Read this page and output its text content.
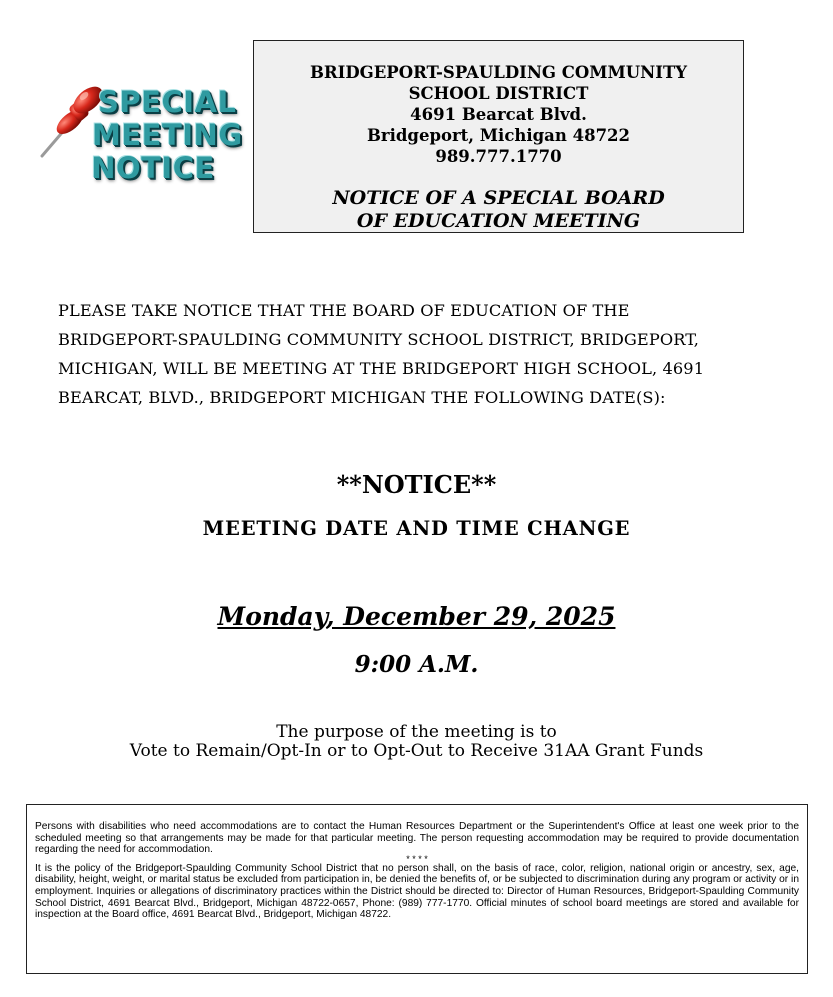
SPECIAL
MEETING
NOTICE
BRIDGEPORT-SPAULDING COMMUNITY
SCHOOL DISTRICT
4691 Bearcat Blvd.
Bridgeport, Michigan 48722
989.777.1770
NOTICE OF A SPECIAL BOARD
OF EDUCATION MEETING
PLEASE TAKE NOTICE THAT THE BOARD OF EDUCATION OF THE
BRIDGEPORT-SPAULDING COMMUNITY SCHOOL DISTRICT, BRIDGEPORT,
MICHIGAN, WILL BE MEETING AT THE BRIDGEPORT HIGH SCHOOL, 4691
BEARCAT, BLVD., BRIDGEPORT MICHIGAN THE FOLLOWING DATE(S):
**NOTICE**
MEETING DATE AND TIME CHANGE
Monday, December 29, 2025
9:00 A.M.
The purpose of the meeting is to
Vote to Remain/Opt-In or to Opt-Out to Receive 31AA Grant Funds

Persons with disabilities who need accommodations are to contact the Human Resources Department or the Superintendent's Office at least one week prior to the scheduled meeting so that arrangements may be made for that particular meeting. The person requesting accommodation may be required to provide documentation regarding the need for accommodation.

* * * *

It is the policy of the Bridgeport-Spaulding Community School District that no person shall, on the basis of race, color, religion, national origin or ancestry, sex, age, disability, height, weight, or marital status be excluded from participation in, be denied the benefits of, or be subjected to discrimination during any program or activity or in employment. Inquiries or allegations of discriminatory practices within the District should be directed to: Director of Human Resources, Bridgeport-Spaulding Community School District, 4691 Bearcat Blvd., Bridgeport, Michigan 48722-0657, Phone: (989) 777-1770. Official minutes of school board meetings are stored and available for inspection at the Board office, 4691 Bearcat Blvd., Bridgeport, Michigan 48722.
